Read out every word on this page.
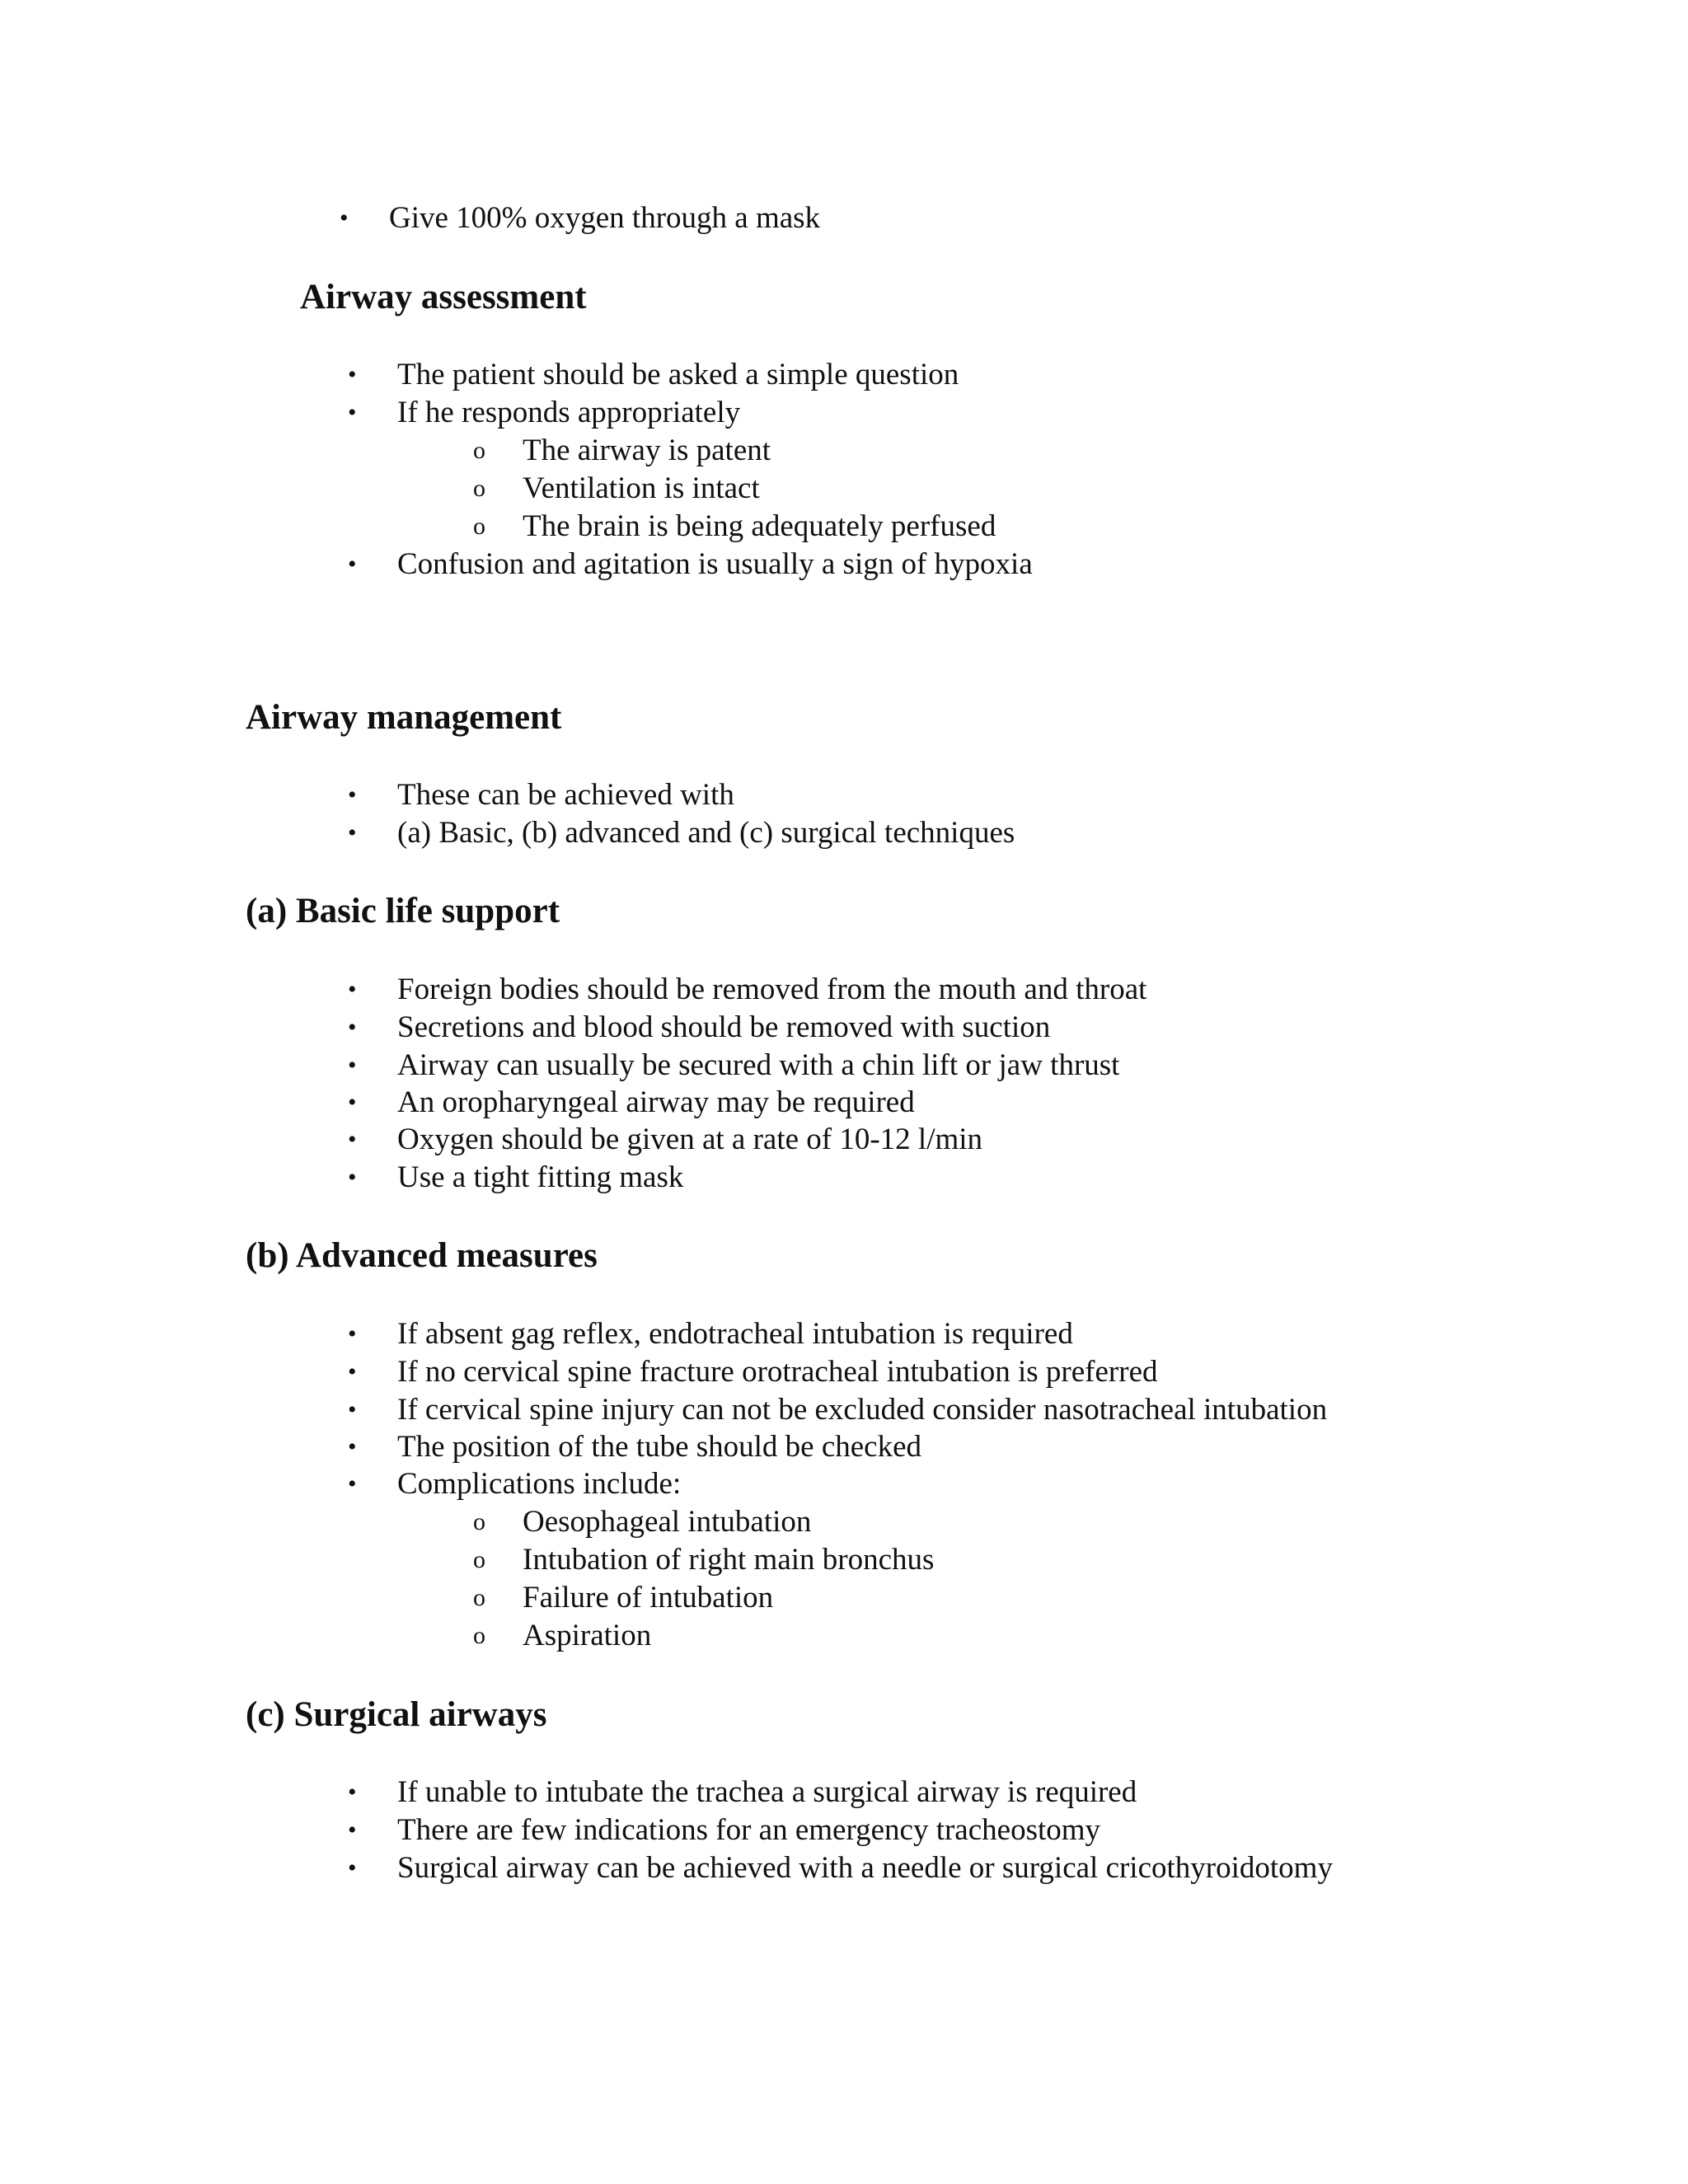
• Give 100% oxygen through a mask
Airway assessment
• The patient should be asked a simple question
• If he responds appropriately
o The airway is patent
o Ventilation is intact
o The brain is being adequately perfused
• Confusion and agitation is usually a sign of hypoxia
Airway management
• These can be achieved with
• (a) Basic, (b) advanced and (c) surgical techniques
(a) Basic life support
• Foreign bodies should be removed from the mouth and throat
• Secretions and blood should be removed with suction
• Airway can usually be secured with a chin lift or jaw thrust
• An oropharyngeal airway may be required
• Oxygen should be given at a rate of 10-12 l/min
• Use a tight fitting mask
(b) Advanced measures
• If absent gag reflex, endotracheal intubation is required
• If no cervical spine fracture orotracheal intubation is preferred
• If cervical spine injury can not be excluded consider nasotracheal intubation
• The position of the tube should be checked
• Complications include:
o Oesophageal intubation
o Intubation of right main bronchus
o Failure of intubation
o Aspiration
(c) Surgical airways
• If unable to intubate the trachea a surgical airway is required
• There are few indications for an emergency tracheostomy
• Surgical airway can be achieved with a needle or surgical cricothyroidotomy
